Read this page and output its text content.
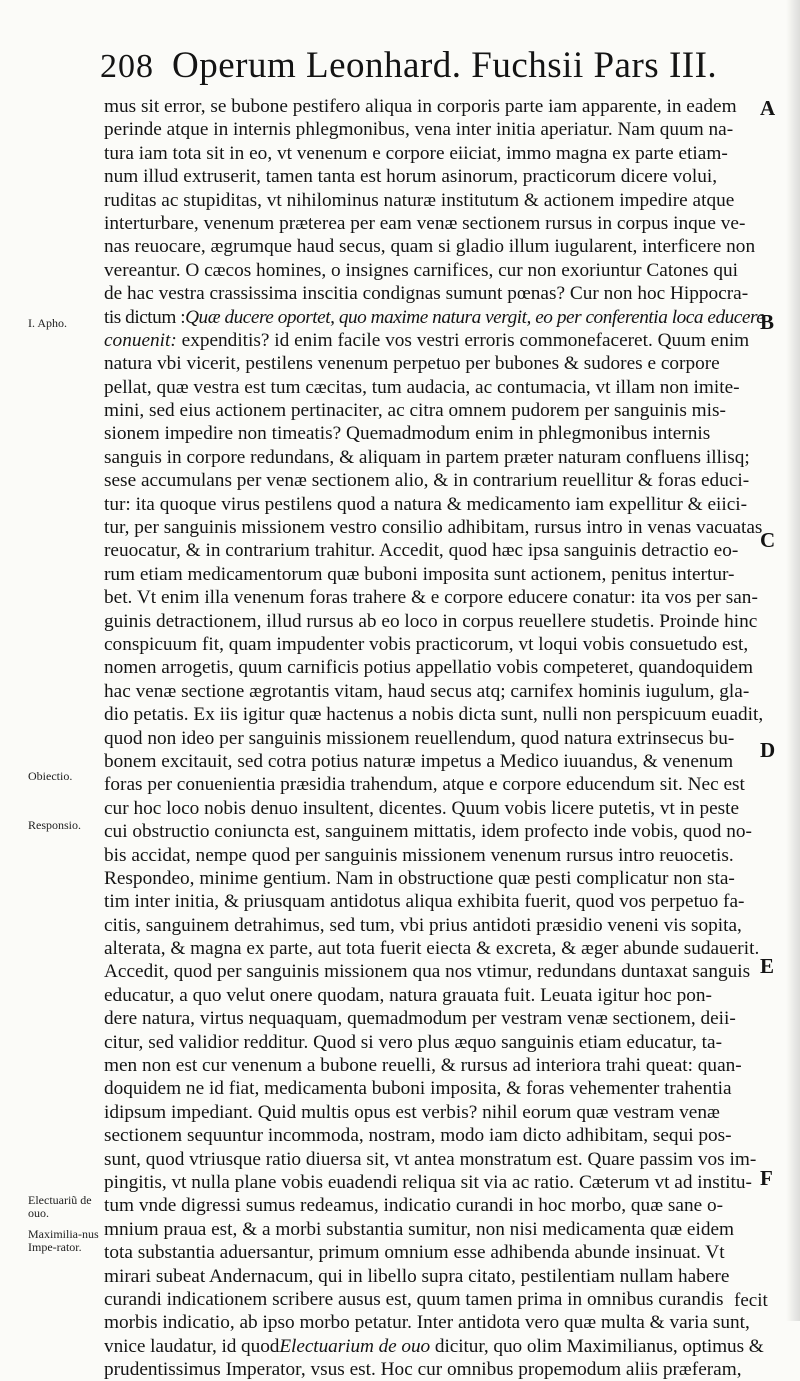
208 Operum Leonhard. Fuchsii Pars III.
mus sit error, se bubone pestifero aliqua in corporis parte iam apparente, in eadem
perinde atque in internis phlegmonibus, vena inter initia aperiatur. Nam quum na-
tura iam tota sit in eo, vt venenum e corpore eiiciat, immo magna ex parte etiam-
num illud extruserit, tamen tanta est horum asinorum, practicorum dicere volui,
ruditas ac stupiditas, vt nihilominus naturæ institutum & actionem impedire atque
interturbare, venenum præterea per eam venæ sectionem rursus in corpus inque ve-
nas reuocare, ægrumque haud secus, quam si gladio illum iugularent, interficere non
vereantur. O cæcos homines, o insignes carnifices, cur non exoriuntur Catones qui
de hac vestra crassissima inscitia condignas sumunt pœnas? Cur non hoc Hippocra-
tis dictum :Quæ ducere oportet, quo maxime natura vergit, eo per conferentia loca educere
conuenit: expenditis? id enim facile vos vestri erroris commonefaceret. Quum enim
natura vbi vicerit, pestilens venenum perpetuo per bubones & sudores e corpore
pellat, quæ vestra est tum cæcitas, tum audacia, ac contumacia, vt illam non imite-
mini, sed eius actionem pertinaciter, ac citra omnem pudorem per sanguinis mis-
sionem impedire non timeatis? Quemadmodum enim in phlegmonibus internis
sanguis in corpore redundans, & aliquam in partem præter naturam confluens illisq;
sese accumulans per venæ sectionem alio, & in contrarium reuellitur & foras educi-
tur: ita quoque virus pestilens quod a natura & medicamento iam expellitur & eiici-
tur, per sanguinis missionem vestro consilio adhibitam, rursus intro in venas vacuatas
reuocatur, & in contrarium trahitur. Accedit, quod hæc ipsa sanguinis detractio eo-
rum etiam medicamentorum quæ buboni imposita sunt actionem, penitus intertur-
bet. Vt enim illa venenum foras trahere & e corpore educere conatur: ita vos per san-
guinis detractionem, illud rursus ab eo loco in corpus reuellere studetis. Proinde hinc
conspicuum fit, quam impudenter vobis practicorum, vt loqui vobis consuetudo est,
nomen arrogetis, quum carnificis potius appellatio vobis competeret, quandoquidem
hac venæ sectione ægrotantis vitam, haud secus atq; carnifex hominis iugulum, gla-
dio petatis. Ex iis igitur quæ hactenus a nobis dicta sunt, nulli non perspicuum euadit,
quod non ideo per sanguinis missionem reuellendum, quod natura extrinsecus bu-
bonem excitauit, sed cotra potius naturæ impetus a Medico iuuandus, & venenum
foras per conuenientia præsidia trahendum, atque e corpore educendum sit. Nec est
cur hoc loco nobis denuo insultent, dicentes. Quum vobis licere putetis, vt in peste
cui obstructio coniuncta est, sanguinem mittatis, idem profecto inde vobis, quod no-
bis accidat, nempe quod per sanguinis missionem venenum rursus intro reuocetis.
Respondeo, minime gentium. Nam in obstructione quæ pesti complicatur non sta-
tim inter initia, & priusquam antidotus aliqua exhibita fuerit, quod vos perpetuo fa-
citis, sanguinem detrahimus, sed tum, vbi prius antidoti præsidio veneni vis sopita,
alterata, & magna ex parte, aut tota fuerit eiecta & excreta, & æger abunde sudauerit.
Accedit, quod per sanguinis missionem qua nos vtimur, redundans duntaxat sanguis
educatur, a quo velut onere quodam, natura grauata fuit. Leuata igitur hoc pon-
dere natura, virtus nequaquam, quemadmodum per vestram venæ sectionem, deii-
citur, sed validior redditur. Quod si vero plus æquo sanguinis etiam educatur, ta-
men non est cur venenum a bubone reuelli, & rursus ad interiora trahi queat: quan-
doquidem ne id fiat, medicamenta buboni imposita, & foras vehementer trahentia
idipsum impediant. Quid multis opus est verbis? nihil eorum quæ vestram venæ
sectionem sequuntur incommoda, nostram, modo iam dicto adhibitam, sequi pos-
sunt, quod vtriusque ratio diuersa sit, vt antea monstratum est. Quare passim vos im-
pingitis, vt nulla plane vobis euadendi reliqua sit via ac ratio. Cæterum vt ad institu-
tum vnde digressi sumus redeamus, indicatio curandi in hoc morbo, quæ sane o-
mnium praua est, & a morbi substantia sumitur, non nisi medicamenta quæ eidem
tota substantia aduersantur, primum omnium esse adhibenda abunde insinuat. Vt
mirari subeat Andernacum, qui in libello supra citato, pestilentiam nullam habere
curandi indicationem scribere ausus est, quum tamen prima in omnibus curandis
morbis indicatio, ab ipso morbo petatur. Inter antidota vero quæ multa & varia sunt,
vnice laudatur, id quodElectuarium de ouo dicitur, quo olim Maximilianus, optimus &
prudentissimus Imperator, vsus est. Hoc cur omnibus propemodum aliis præferam,
I. Apho.
Obiectio.
Responsio.
Electuariũ de ouo.
Maximilia-nus Impe-rator.
A
B
C
D
E
F
fecit
